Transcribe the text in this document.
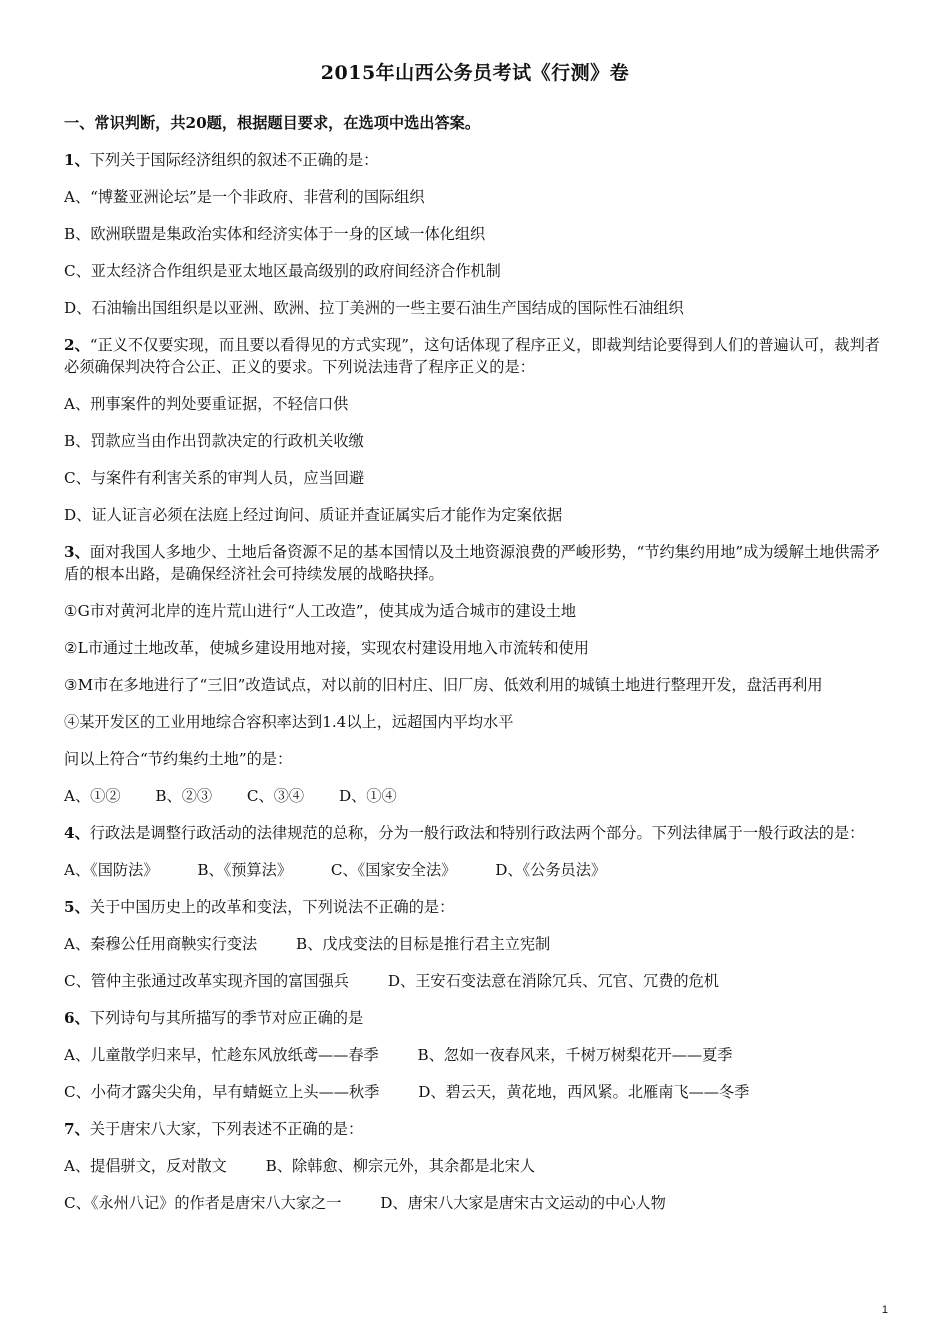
2015年山西公务员考试《行测》卷
一、常识判断，共20题，根据题目要求，在选项中选出答案。
1、下列关于国际经济组织的叙述不正确的是：
A、“博鳌亚洲论坛”是一个非政府、非营利的国际组织
B、欧洲联盟是集政治实体和经济实体于一身的区域一体化组织
C、亚太经济合作组织是亚太地区最高级别的政府间经济合作机制
D、石油输出国组织是以亚洲、欧洲、拉丁美洲的一些主要石油生产国结成的国际性石油组织
2、“正义不仅要实现，而且要以看得见的方式实现”，这句话体现了程序正义，即裁判结论要得到人们的普遍认可，裁判者必须确保判决符合公正、正义的要求。下列说法违背了程序正义的是：
A、刑事案件的判处要重证据，不轻信口供
B、罚款应当由作出罚款决定的行政机关收缴
C、与案件有利害关系的审判人员，应当回避
D、证人证言必须在法庭上经过询问、质证并查证属实后才能作为定案依据
3、面对我国人多地少、土地后备资源不足的基本国情以及土地资源浪费的严峻形势，“节约集约用地”成为缓解土地供需矛盾的根本出路，是确保经济社会可持续发展的战略抉择。
①G市对黄河北岸的连片荒山进行“人工改造”，使其成为适合城市的建设土地
②L市通过土地改革，使城乡建设用地对接，实现农村建设用地入市流转和使用
③M市在多地进行了“三旧”改造试点，对以前的旧村庄、旧厂房、低效利用的城镇土地进行整理开发，盘活再利用
④某开发区的工业用地综合容积率达到1.4以上，远超国内平均水平
问以上符合“节约集约土地”的是：
A、①② B、②③ C、③④ D、①④
4、行政法是调整行政活动的法律规范的总称，分为一般行政法和特别行政法两个部分。下列法律属于一般行政法的是：
A、《国防法》	B、《预算法》	C、《国家安全法》	D、《公务员法》
5、关于中国历史上的改革和变法，下列说法不正确的是：
A、秦穆公任用商鞅实行变法	B、戊戌变法的目标是推行君主立宪制
C、管仲主张通过改革实现齐国的富国强兵	D、王安石变法意在消除冗兵、冗官、冗费的危机
6、下列诗句与其所描写的季节对应正确的是
A、儿童散学归来早，忙趁东风放纸鸢——春季	B、忽如一夜春风来，千树万树梨花开——夏季
C、小荷才露尖尖角，早有蜻蜓立上头——秋季	D、碧云天，黄花地，西风紧。北雁南飞——冬季
7、关于唐宋八大家，下列表述不正确的是：
A、提倡骈文，反对散文	B、除韩愈、柳宗元外，其余都是北宋人
C、《永州八记》的作者是唐宋八大家之一	D、唐宋八大家是唐宋古文运动的中心人物
1
